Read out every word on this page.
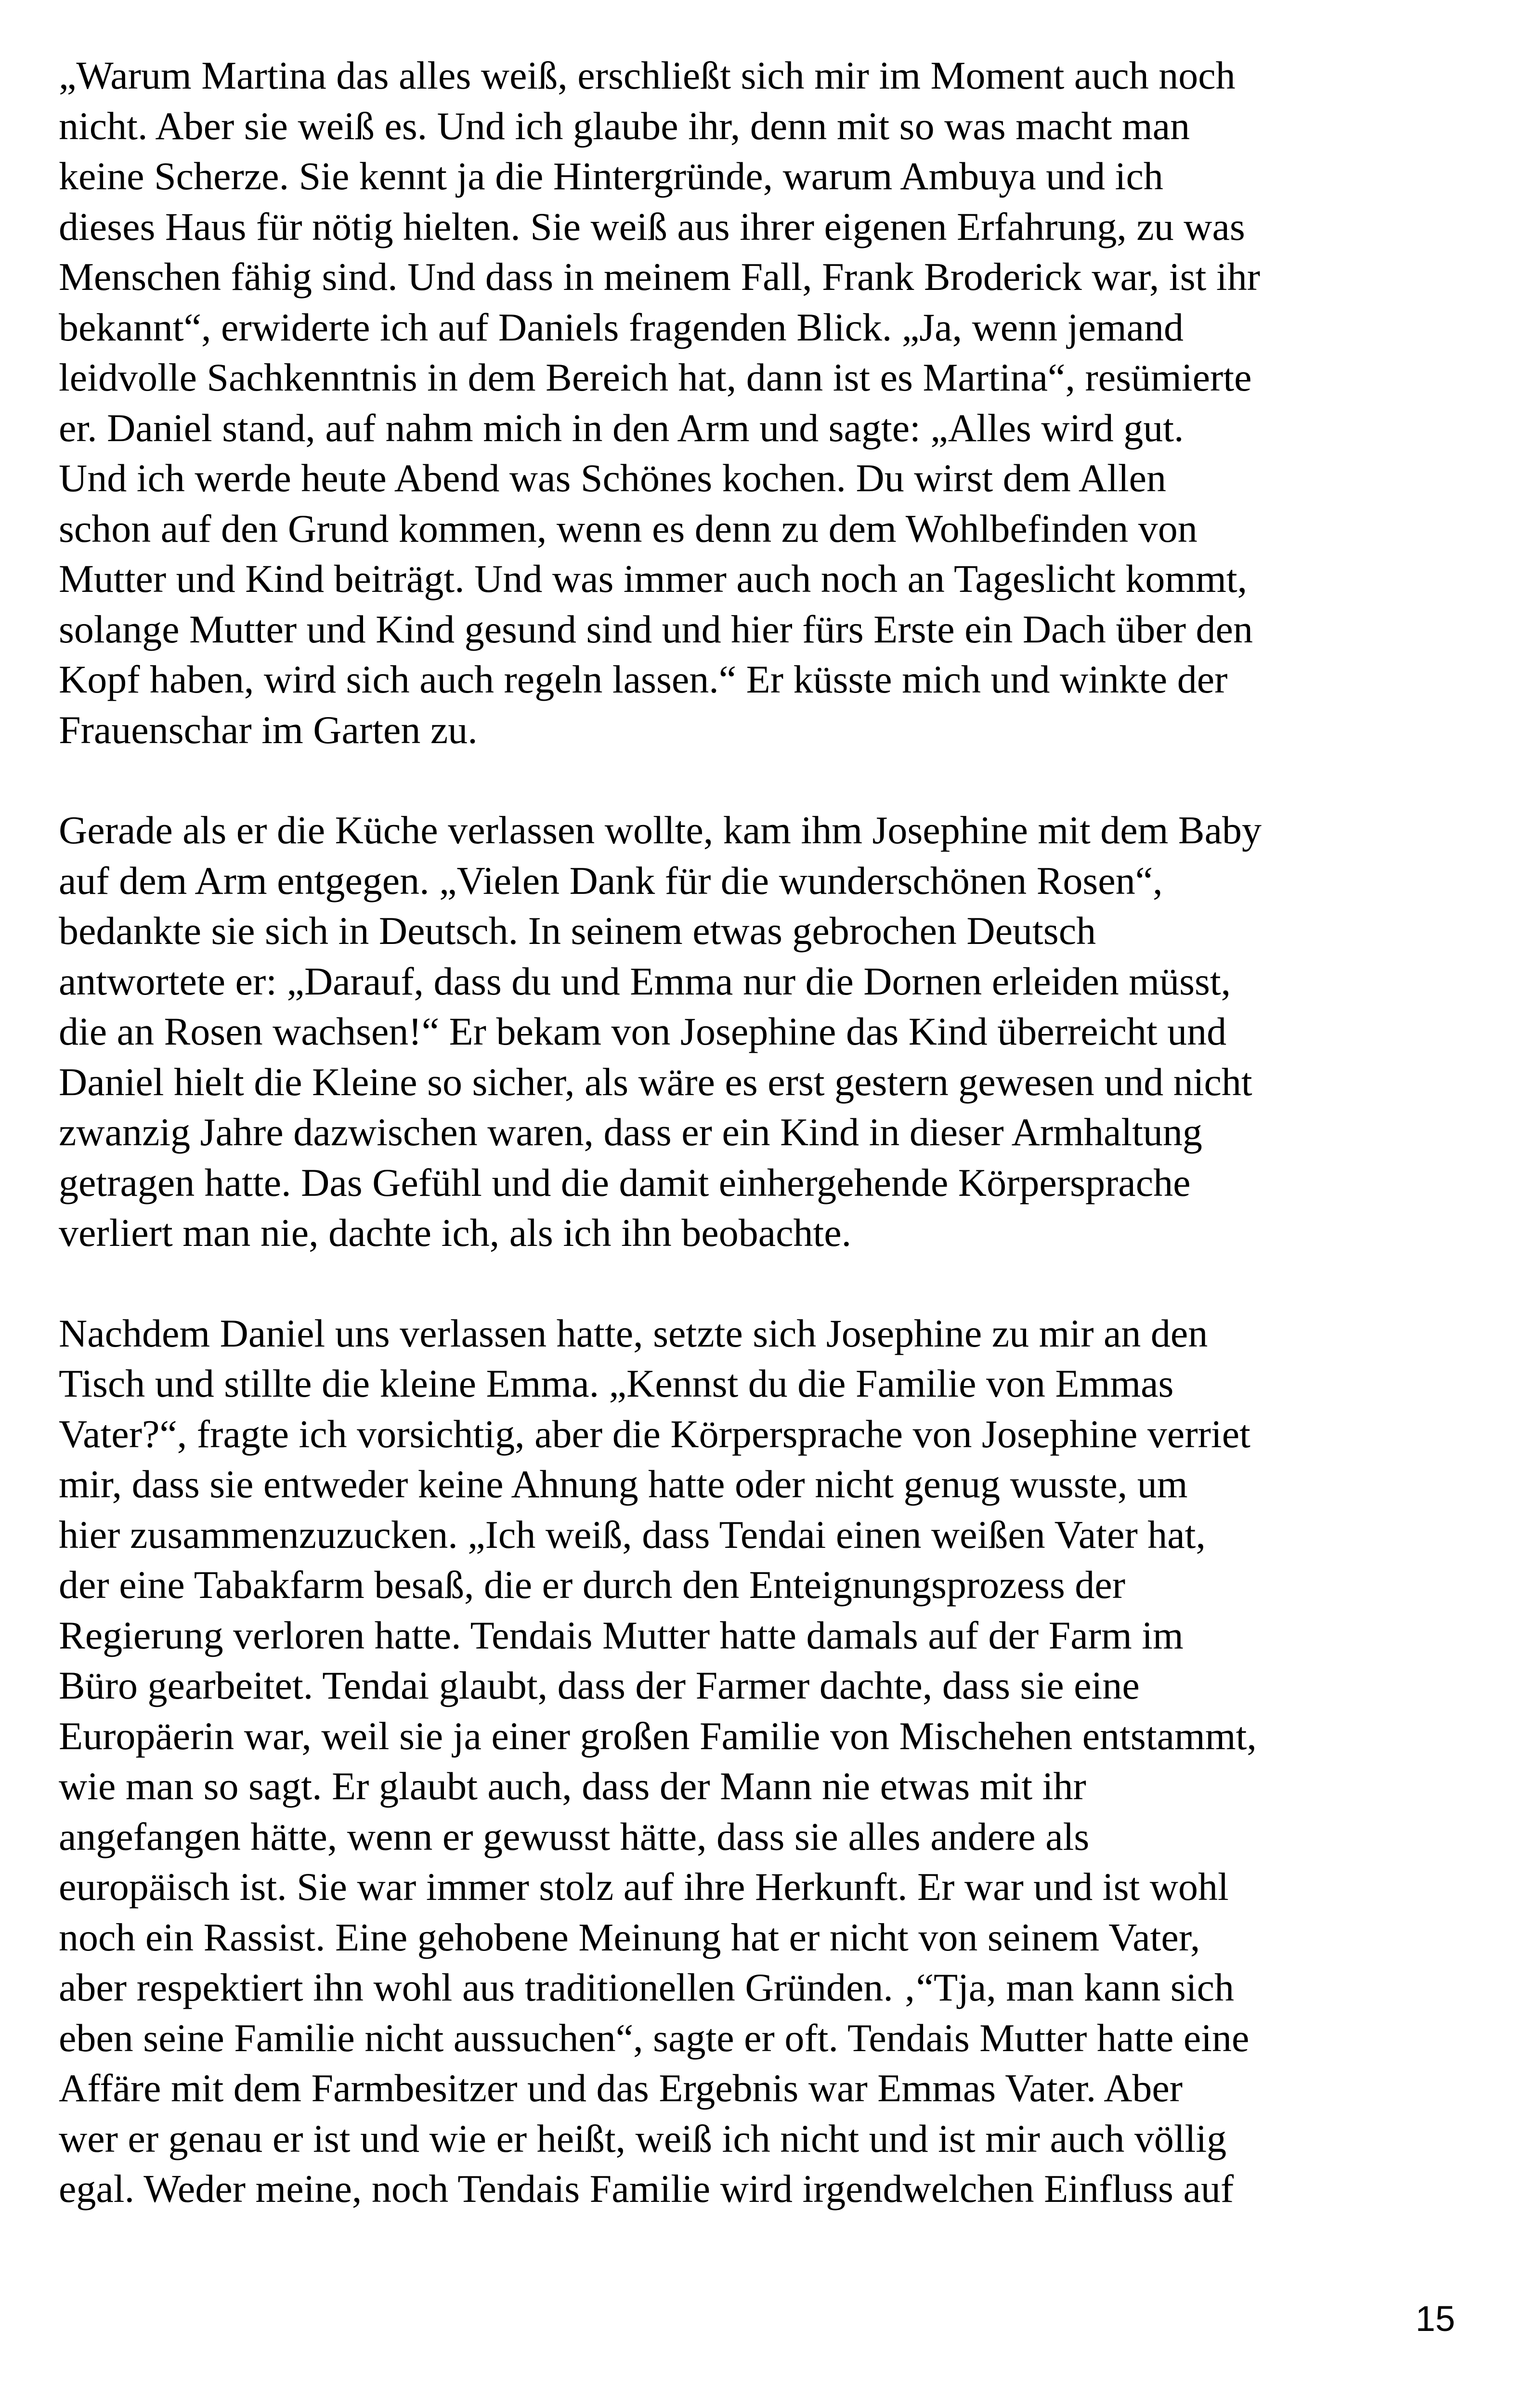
„Warum Martina das alles weiß, erschließt sich mir im Moment auch noch
nicht. Aber sie weiß es. Und ich glaube ihr, denn mit so was macht man
keine Scherze. Sie kennt ja die Hintergründe, warum Ambuya und ich
dieses Haus für nötig hielten. Sie weiß aus ihrer eigenen Erfahrung, zu was
Menschen fähig sind. Und dass in meinem Fall, Frank Broderick war, ist ihr
bekannt“, erwiderte ich auf Daniels fragenden Blick. „Ja, wenn jemand
leidvolle Sachkenntnis in dem Bereich hat, dann ist es Martina“, resümierte
er. Daniel stand, auf nahm mich in den Arm und sagte: „Alles wird gut.
Und ich werde heute Abend was Schönes kochen. Du wirst dem Allen
schon auf den Grund kommen, wenn es denn zu dem Wohlbefinden von
Mutter und Kind beiträgt. Und was immer auch noch an Tageslicht kommt,
solange Mutter und Kind gesund sind und hier fürs Erste ein Dach über den
Kopf haben, wird sich auch regeln lassen.“ Er küsste mich und winkte der
Frauenschar im Garten zu.

Gerade als er die Küche verlassen wollte, kam ihm Josephine mit dem Baby
auf dem Arm entgegen. „Vielen Dank für die wunderschönen Rosen“,
bedankte sie sich in Deutsch. In seinem etwas gebrochen Deutsch
antwortete er: „Darauf, dass du und Emma nur die Dornen erleiden müsst,
die an Rosen wachsen!“ Er bekam von Josephine das Kind überreicht und
Daniel hielt die Kleine so sicher, als wäre es erst gestern gewesen und nicht
zwanzig Jahre dazwischen waren, dass er ein Kind in dieser Armhaltung
getragen hatte. Das Gefühl und die damit einhergehende Körpersprache
verliert man nie, dachte ich, als ich ihn beobachte.

Nachdem Daniel uns verlassen hatte, setzte sich Josephine zu mir an den
Tisch und stillte die kleine Emma. „Kennst du die Familie von Emmas
Vater?“, fragte ich vorsichtig, aber die Körpersprache von Josephine verriet
mir, dass sie entweder keine Ahnung hatte oder nicht genug wusste, um
hier zusammenzuzucken. „Ich weiß, dass Tendai einen weißen Vater hat,
der eine Tabakfarm besaß, die er durch den Enteignungsprozess der
Regierung verloren hatte. Tendais Mutter hatte damals auf der Farm im
Büro gearbeitet. Tendai glaubt, dass der Farmer dachte, dass sie eine
Europäerin war, weil sie ja einer großen Familie von Mischehen entstammt,
wie man so sagt. Er glaubt auch, dass der Mann nie etwas mit ihr
angefangen hätte, wenn er gewusst hätte, dass sie alles andere als
europäisch ist. Sie war immer stolz auf ihre Herkunft. Er war und ist wohl
noch ein Rassist. Eine gehobene Meinung hat er nicht von seinem Vater,
aber respektiert ihn wohl aus traditionellen Gründen. ‚“Tja, man kann sich
eben seine Familie nicht aussuchen“, sagte er oft. Tendais Mutter hatte eine
Affäre mit dem Farmbesitzer und das Ergebnis war Emmas Vater. Aber
wer er genau er ist und wie er heißt, weiß ich nicht und ist mir auch völlig
egal. Weder meine, noch Tendais Familie wird irgendwelchen Einfluss auf

15
